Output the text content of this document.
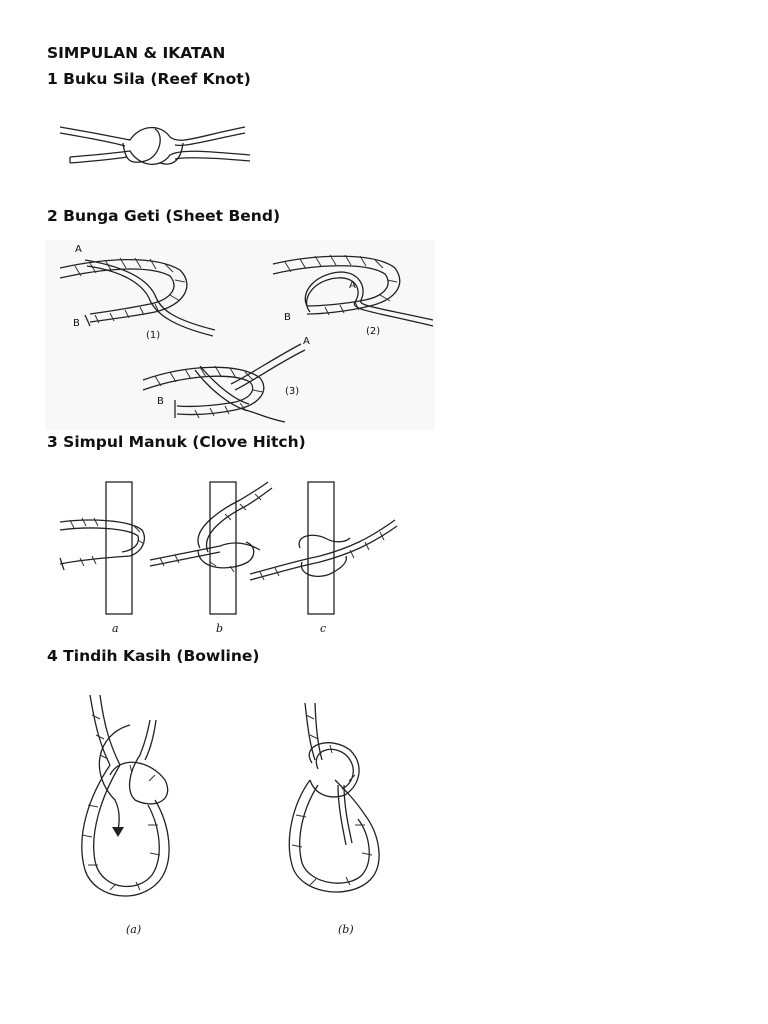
SIMPULAN & IKATAN
1 Buku Sila (Reef Knot)
2 Bunga Geti (Sheet Bend)
A
B
(1)
B
A
(2)
A
B
(3)
3 Simpul Manuk (Clove Hitch)
a	b	c
4 Tindih Kasih (Bowline)
(a)	(b)
